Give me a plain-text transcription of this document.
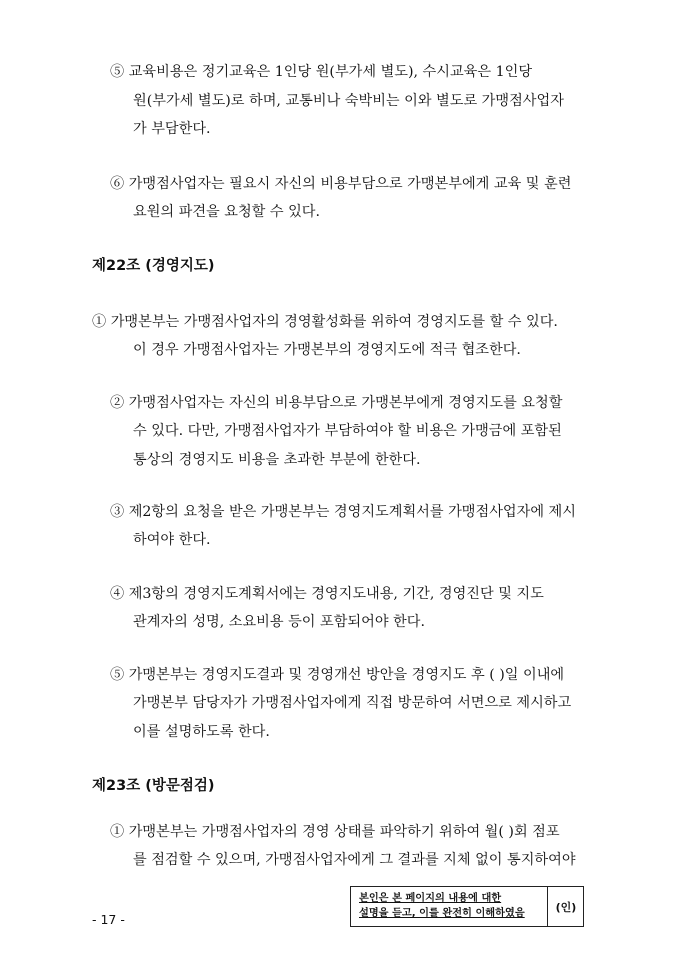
⑤ 교육비용은 정기교육은 1인당 원(부가세 별도), 수시교육은 1인당
원(부가세 별도)로 하며, 교통비나 숙박비는 이와 별도로 가맹점사업자
가 부담한다.
⑥ 가맹점사업자는 필요시 자신의 비용부담으로 가맹본부에게 교육 및 훈련
요원의 파견을 요청할 수 있다.
제22조 (경영지도)
① 가맹본부는 가맹점사업자의 경영활성화를 위하여 경영지도를 할 수 있다.
이 경우 가맹점사업자는 가맹본부의 경영지도에 적극 협조한다.
② 가맹점사업자는 자신의 비용부담으로 가맹본부에게 경영지도를 요청할
수 있다. 다만, 가맹점사업자가 부담하여야 할 비용은 가맹금에 포함된
통상의 경영지도 비용을 초과한 부분에 한한다.
③ 제2항의 요청을 받은 가맹본부는 경영지도계획서를 가맹점사업자에 제시
하여야 한다.
④ 제3항의 경영지도계획서에는 경영지도내용, 기간, 경영진단 및 지도
관계자의 성명, 소요비용 등이 포함되어야 한다.
⑤ 가맹본부는 경영지도결과 및 경영개선 방안을 경영지도 후 ( )일 이내에
가맹본부 담당자가 가맹점사업자에게 직접 방문하여 서면으로 제시하고
이를 설명하도록 한다.
제23조 (방문점검)
① 가맹본부는 가맹점사업자의 경영 상태를 파악하기 위하여 월( )회 점포
를 점검할 수 있으며, 가맹점사업자에게 그 결과를 지체 없이 통지하여야
본인은 본 페이지의 내용에 대한
설명을 듣고, 이를 완전히 이해하였음	(인)
- 17 -
